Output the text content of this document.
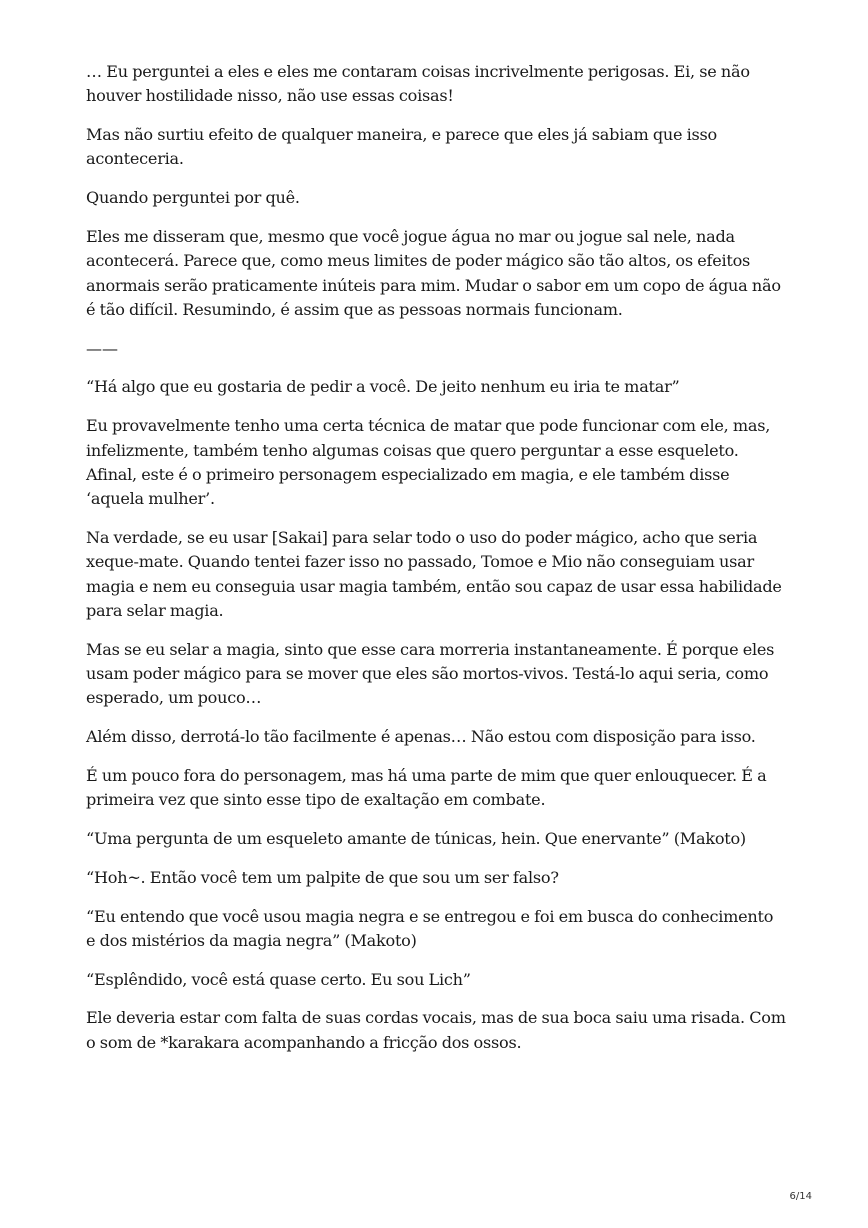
… Eu perguntei a eles e eles me contaram coisas incrivelmente perigosas. Ei, se não houver hostilidade nisso, não use essas coisas!

Mas não surtiu efeito de qualquer maneira, e parece que eles já sabiam que isso aconteceria.

Quando perguntei por quê.

Eles me disseram que, mesmo que você jogue água no mar ou jogue sal nele, nada acontecerá. Parece que, como meus limites de poder mágico são tão altos, os efeitos anormais serão praticamente inúteis para mim. Mudar o sabor em um copo de água não é tão difícil. Resumindo, é assim que as pessoas normais funcionam.

——

“Há algo que eu gostaria de pedir a você. De jeito nenhum eu iria te matar”

Eu provavelmente tenho uma certa técnica de matar que pode funcionar com ele, mas, infelizmente, também tenho algumas coisas que quero perguntar a esse esqueleto. Afinal, este é o primeiro personagem especializado em magia, e ele também disse ‘aquela mulher’.

Na verdade, se eu usar [Sakai] para selar todo o uso do poder mágico, acho que seria xeque-mate. Quando tentei fazer isso no passado, Tomoe e Mio não conseguiam usar magia e nem eu conseguia usar magia também, então sou capaz de usar essa habilidade para selar magia.

Mas se eu selar a magia, sinto que esse cara morreria instantaneamente. É porque eles usam poder mágico para se mover que eles são mortos-vivos. Testá-lo aqui seria, como esperado, um pouco…

Além disso, derrotá-lo tão facilmente é apenas… Não estou com disposição para isso.

É um pouco fora do personagem, mas há uma parte de mim que quer enlouquecer. É a primeira vez que sinto esse tipo de exaltação em combate.

“Uma pergunta de um esqueleto amante de túnicas, hein. Que enervante” (Makoto)

“Hoh~. Então você tem um palpite de que sou um ser falso?

“Eu entendo que você usou magia negra e se entregou e foi em busca do conhecimento e dos mistérios da magia negra” (Makoto)

“Esplêndido, você está quase certo. Eu sou Lich”

Ele deveria estar com falta de suas cordas vocais, mas de sua boca saiu uma risada. Com o som de *karakara acompanhando a fricção dos ossos.

6/14
